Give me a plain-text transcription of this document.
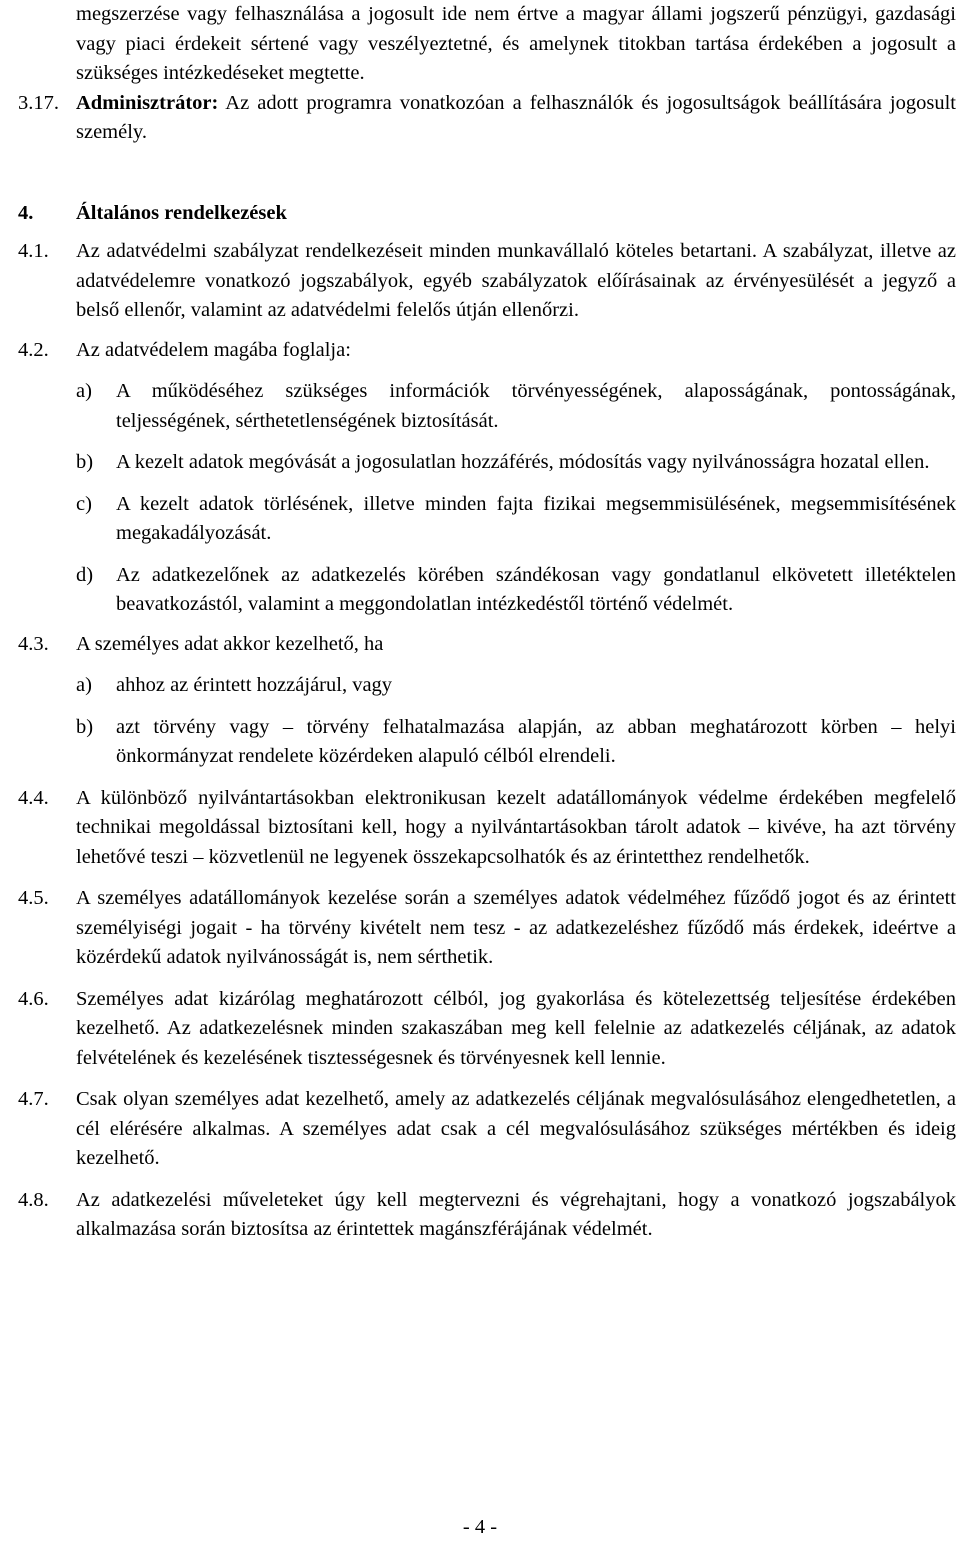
megszerzése vagy felhasználása a jogosult ide nem értve a magyar állami jogszerű pénzügyi, gazdasági vagy piaci érdekeit sértené vagy veszélyeztetné, és amelynek titokban tartása érdekében a jogosult a szükséges intézkedéseket megtette.

3.17. Adminisztrátor: Az adott programra vonatkozóan a felhasználók és jogosultságok beállítására jogosult személy.

4.	Általános rendelkezések
4.1.	Az adatvédelmi szabályzat rendelkezéseit minden munkavállaló köteles betartani. A szabályzat, illetve az adatvédelemre vonatkozó jogszabályok, egyéb szabályzatok előírásainak az érvényesülését a jegyző a belső ellenőr, valamint az adatvédelmi felelős útján ellenőrzi.

4.2.	Az adatvédelem magába foglalja:

a) A működéséhez szükséges információk törvényességének, alaposságának, pontosságának, teljességének, sérthetetlenségének biztosítását.

b) A kezelt adatok megóvását a jogosulatlan hozzáférés, módosítás vagy nyilvánosságra hozatal ellen.

c) A kezelt adatok törlésének, illetve minden fajta fizikai megsemmisülésének, megsemmisítésének megakadályozását.

d) Az adatkezelőnek az adatkezelés körében szándékosan vagy gondatlanul elkövetett illetéktelen beavatkozástól, valamint a meggondolatlan intézkedéstől történő védelmét.

4.3.	A személyes adat akkor kezelhető, ha

a) ahhoz az érintett hozzájárul, vagy

b) azt törvény vagy – törvény felhatalmazása alapján, az abban meghatározott körben – helyi önkormányzat rendelete közérdeken alapuló célból elrendeli.

4.4.	A különböző nyilvántartásokban elektronikusan kezelt adatállományok védelme érdekében megfelelő technikai megoldással biztosítani kell, hogy a nyilvántartásokban tárolt adatok – kivéve, ha azt törvény lehetővé teszi – közvetlenül ne legyenek összekapcsolhatók és az érintetthez rendelhetők.

4.5.	A személyes adatállományok kezelése során a személyes adatok védelméhez fűződő jogot és az érintett személyiségi jogait - ha törvény kivételt nem tesz - az adatkezeléshez fűződő más érdekek, ideértve a közérdekű adatok nyilvánosságát is, nem sérthetik.

4.6.	Személyes adat kizárólag meghatározott célból, jog gyakorlása és kötelezettség teljesítése érdekében kezelhető. Az adatkezelésnek minden szakaszában meg kell felelnie az adatkezelés céljának, az adatok felvételének és kezelésének tisztességesnek és törvényesnek kell lennie.

4.7.	Csak olyan személyes adat kezelhető, amely az adatkezelés céljának megvalósulásához elengedhetetlen, a cél elérésére alkalmas. A személyes adat csak a cél megvalósulásához szükséges mértékben és ideig kezelhető.

4.8.	Az adatkezelési műveleteket úgy kell megtervezni és végrehajtani, hogy a vonatkozó jogszabályok alkalmazása során biztosítsa az érintettek magánszférájának védelmét.

- 4 -
